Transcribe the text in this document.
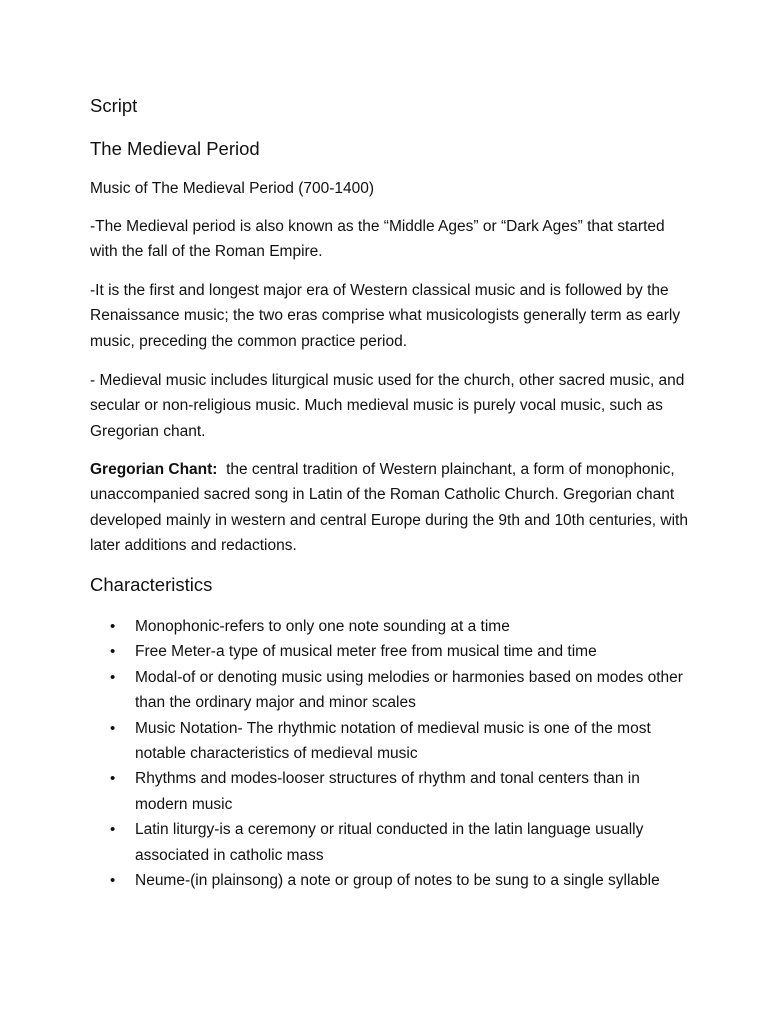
Script
The Medieval Period
Music of The Medieval Period (700-1400)

-The Medieval period is also known as the “Middle Ages” or “Dark Ages” that started with the fall of the Roman Empire.

-It is the first and longest major era of Western classical music and is followed by the Renaissance music; the two eras comprise what musicologists generally term as early music, preceding the common practice period.

- Medieval music includes liturgical music used for the church, other sacred music, and secular or non-religious music. Much medieval music is purely vocal music, such as Gregorian chant.

Gregorian Chant: the central tradition of Western plainchant, a form of monophonic, unaccompanied sacred song in Latin of the Roman Catholic Church. Gregorian chant developed mainly in western and central Europe during the 9th and 10th centuries, with later additions and redactions.

Characteristics
• Monophonic-refers to only one note sounding at a time
• Free Meter-a type of musical meter free from musical time and time
• Modal-of or denoting music using melodies or harmonies based on modes other than the ordinary major and minor scales
• Music Notation- The rhythmic notation of medieval music is one of the most notable characteristics of medieval music
• Rhythms and modes-looser structures of rhythm and tonal centers than in modern music
• Latin liturgy-is a ceremony or ritual conducted in the latin language usually associated in catholic mass
• Neume-(in plainsong) a note or group of notes to be sung to a single syllable
